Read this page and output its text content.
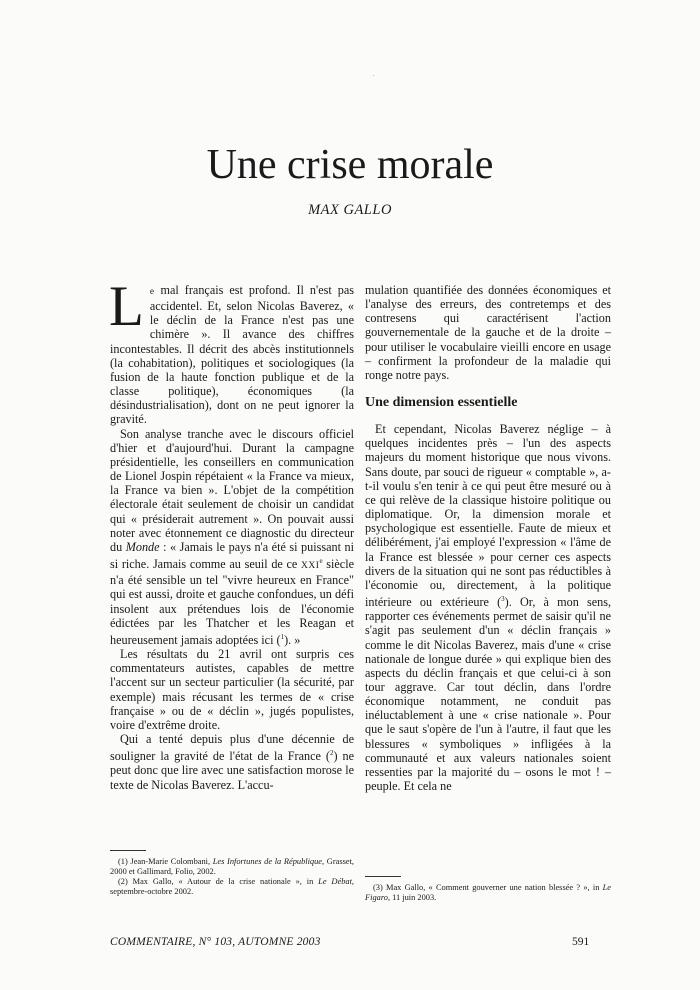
Une crise morale
MAX GALLO

Le mal français est profond. Il n'est pas accidentel. Et, selon Nicolas Baverez, « le déclin de la France n'est pas une chimère ». Il avance des chiffres incontestables. Il décrit des abcès institutionnels (la cohabitation), politiques et sociologiques (la fusion de la haute fonction publique et de la classe politique), économiques (la désindustrialisation), dont on ne peut ignorer la gravité.

Son analyse tranche avec le discours officiel d'hier et d'aujourd'hui. Durant la campagne présidentielle, les conseillers en communication de Lionel Jospin répétaient « la France va mieux, la France va bien ». L'objet de la compétition électorale était seulement de choisir un candidat qui « présiderait autrement ». On pouvait aussi noter avec étonnement ce diagnostic du directeur du Monde : « Jamais le pays n'a été si puissant ni si riche. Jamais comme au seuil de ce XXIe siècle n'a été sensible un tel "vivre heureux en France" qui est aussi, droite et gauche confondues, un défi insolent aux prétendues lois de l'économie édictées par les Thatcher et les Reagan et heureusement jamais adoptées ici ($^1$). »

Les résultats du 21 avril ont surpris ces commentateurs autistes, capables de mettre l'accent sur un secteur particulier (la sécurité, par exemple) mais récusant les termes de « crise française » ou de « déclin », jugés populistes, voire d'extrême droite.

Qui a tenté depuis plus d'une décennie de souligner la gravité de l'état de la France ($^2$) ne peut donc que lire avec une satisfaction morose le texte de Nicolas Baverez. L'accu-

mulation quantifiée des données économiques et l'analyse des erreurs, des contretemps et des contresens qui caractérisent l'action gouvernementale de la gauche et de la droite – pour utiliser le vocabulaire vieilli encore en usage – confirment la profondeur de la maladie qui ronge notre pays.

Une dimension essentielle

Et cependant, Nicolas Baverez néglige – à quelques incidentes près – l'un des aspects majeurs du moment historique que nous vivons. Sans doute, par souci de rigueur « comptable », a-t-il voulu s'en tenir à ce qui peut être mesuré ou à ce qui relève de la classique histoire politique ou diplomatique. Or, la dimension morale et psychologique est essentielle. Faute de mieux et délibérément, j'ai employé l'expression « l'âme de la France est blessée » pour cerner ces aspects divers de la situation qui ne sont pas réductibles à l'économie ou, directement, à la politique intérieure ou extérieure ($^3$). Or, à mon sens, rapporter ces événements permet de saisir qu'il ne s'agit pas seulement d'un « déclin français » comme le dit Nicolas Baverez, mais d'une « crise nationale de longue durée » qui explique bien des aspects du déclin français et que celui-ci à son tour aggrave. Car tout déclin, dans l'ordre économique notamment, ne conduit pas inéluctablement à une « crise nationale ». Pour que le saut s'opère de l'un à l'autre, il faut que les blessures « symboliques » infligées à la communauté et aux valeurs nationales soient ressenties par la majorité du – osons le mot ! – peuple. Et cela ne

(1) Jean-Marie Colombani, Les Infortunes de la République, Grasset, 2000 et Gallimard, Folio, 2002.

(2) Max Gallo, « Autour de la crise nationale », in Le Débat, septembre-octobre 2002.	(3) Max Gallo, « Comment gouverner une nation blessée ? », in Le Figaro, 11 juin 2003.

COMMENTAIRE, N° 103, AUTOMNE 2003	591
